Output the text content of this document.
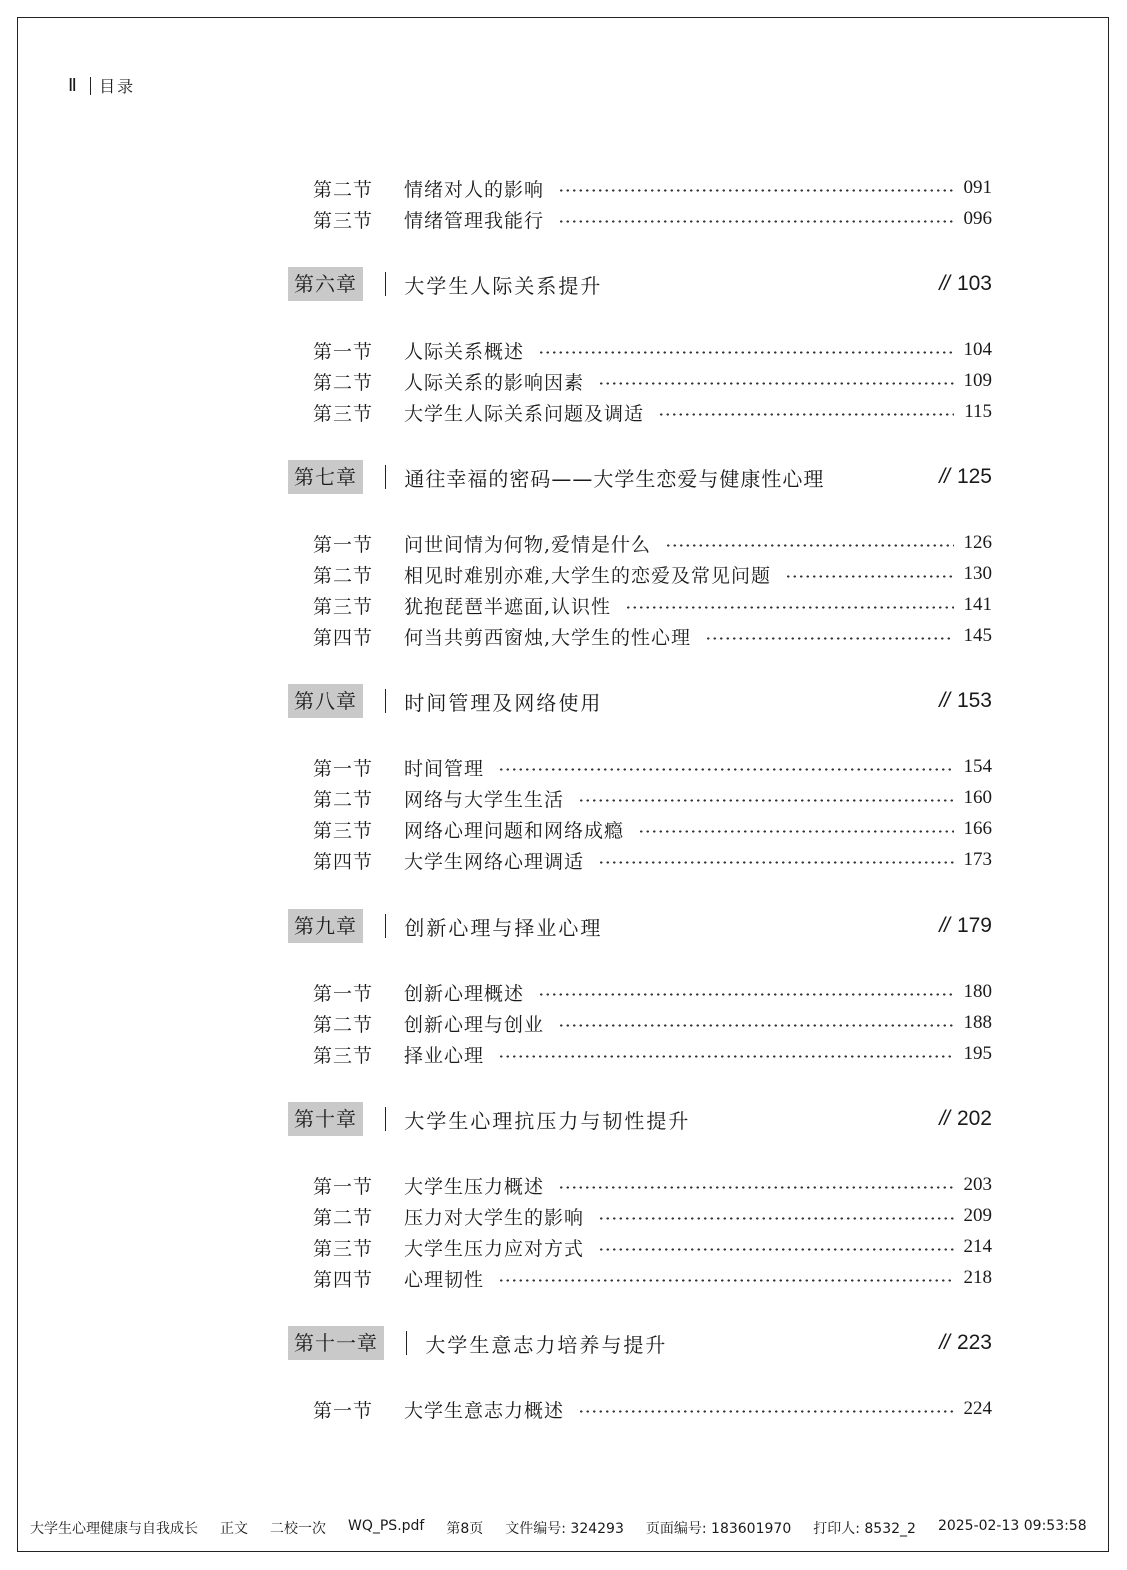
Ⅱ 目录
第二节	情绪对人的影响	091
第三节	情绪管理我能行	096
第六章	大学生人际关系提升	// 103
第一节	人际关系概述	104
第二节	人际关系的影响因素	109
第三节	大学生人际关系问题及调适	115
第七章	通往幸福的密码——大学生恋爱与健康性心理	// 125
第一节	问世间情为何物,爱情是什么	126
第二节	相见时难别亦难,大学生的恋爱及常见问题	130
第三节	犹抱琵琶半遮面,认识性	141
第四节	何当共剪西窗烛,大学生的性心理	145
第八章	时间管理及网络使用	// 153
第一节	时间管理	154
第二节	网络与大学生生活	160
第三节	网络心理问题和网络成瘾	166
第四节	大学生网络心理调适	173
第九章	创新心理与择业心理	// 179
第一节	创新心理概述	180
第二节	创新心理与创业	188
第三节	择业心理	195
第十章	大学生心理抗压力与韧性提升	// 202
第一节	大学生压力概述	203
第二节	压力对大学生的影响	209
第三节	大学生压力应对方式	214
第四节	心理韧性	218
第十一章	大学生意志力培养与提升	// 223
第一节	大学生意志力概述	224
大学生心理健康与自我成长 正文 二校一次 WQ_PS.pdf 第8页 文件编号: 324293 页面编号: 183601970 打印人: 8532_2 2025-02-13 09:53:58
